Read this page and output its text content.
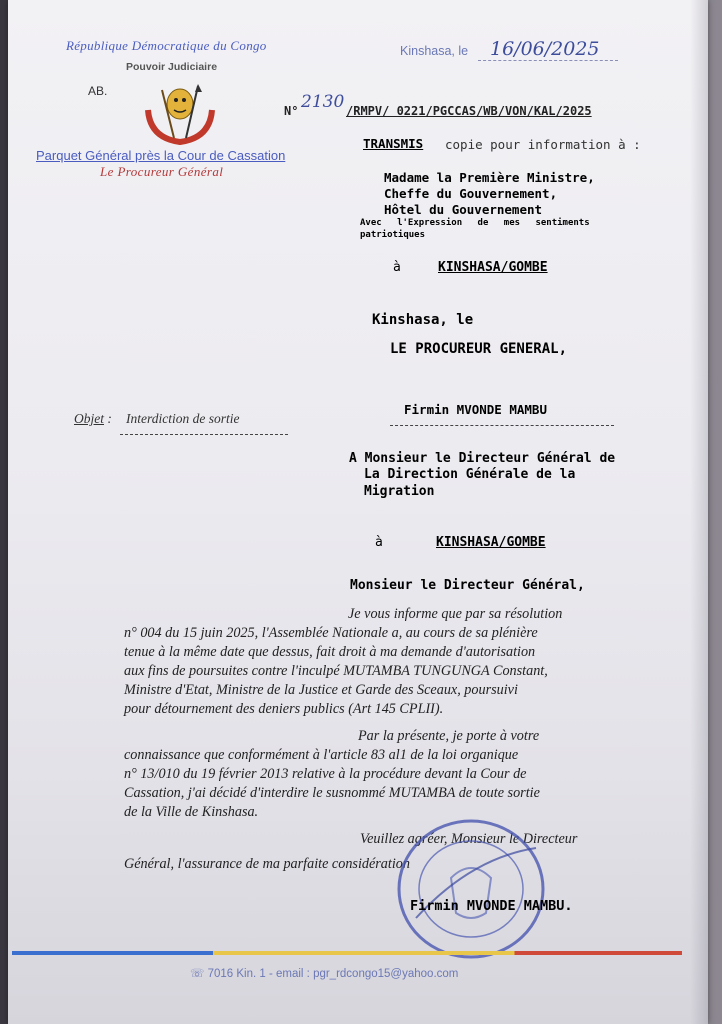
République Démocratique du Congo
Pouvoir Judiciaire
AB.
Parquet Général près la Cour de Cassation
Le Procureur Général
Kinshasa, le 16/06/2025
N° 2130 /RMPV/ 0221/PGCCAS/WB/VON/KAL/2025
TRANSMIS copie pour information à :
Madame la Première Ministre,
Cheffe du Gouvernement,
Hôtel du Gouvernement
Avec l'Expression de mes sentiments
patriotiques
à	KINSHASA/GOMBE
Kinshasa, le
LE PROCUREUR GENERAL,
Objet : Interdiction de sortie
Firmin MVONDE MAMBU
A Monsieur le Directeur Général de
La Direction Générale de la
Migration
à	KINSHASA/GOMBE
Monsieur le Directeur Général,
Je vous informe que par sa résolution
n° 004 du 15 juin 2025, l'Assemblée Nationale a, au cours de sa plénière
tenue à la même date que dessus, fait droit à ma demande d'autorisation
aux fins de poursuites contre l'inculpé MUTAMBA TUNGUNGA Constant,
Ministre d'Etat, Ministre de la Justice et Garde des Sceaux, poursuivi
pour détournement des deniers publics (Art 145 CPLII).
Par la présente, je porte à votre
connaissance que conformément à l'article 83 al1 de la loi organique
n° 13/010 du 19 février 2013 relative à la procédure devant la Cour de
Cassation, j'ai décidé d'interdire le susnommé MUTAMBA de toute sortie
de la Ville de Kinshasa.
Veuillez agréer, Monsieur le Directeur
Général, l'assurance de ma parfaite considération
Firmin MVONDE MAMBU.
☏ 7016 Kin. 1 - email : pgr_rdcongo15@yahoo.com
